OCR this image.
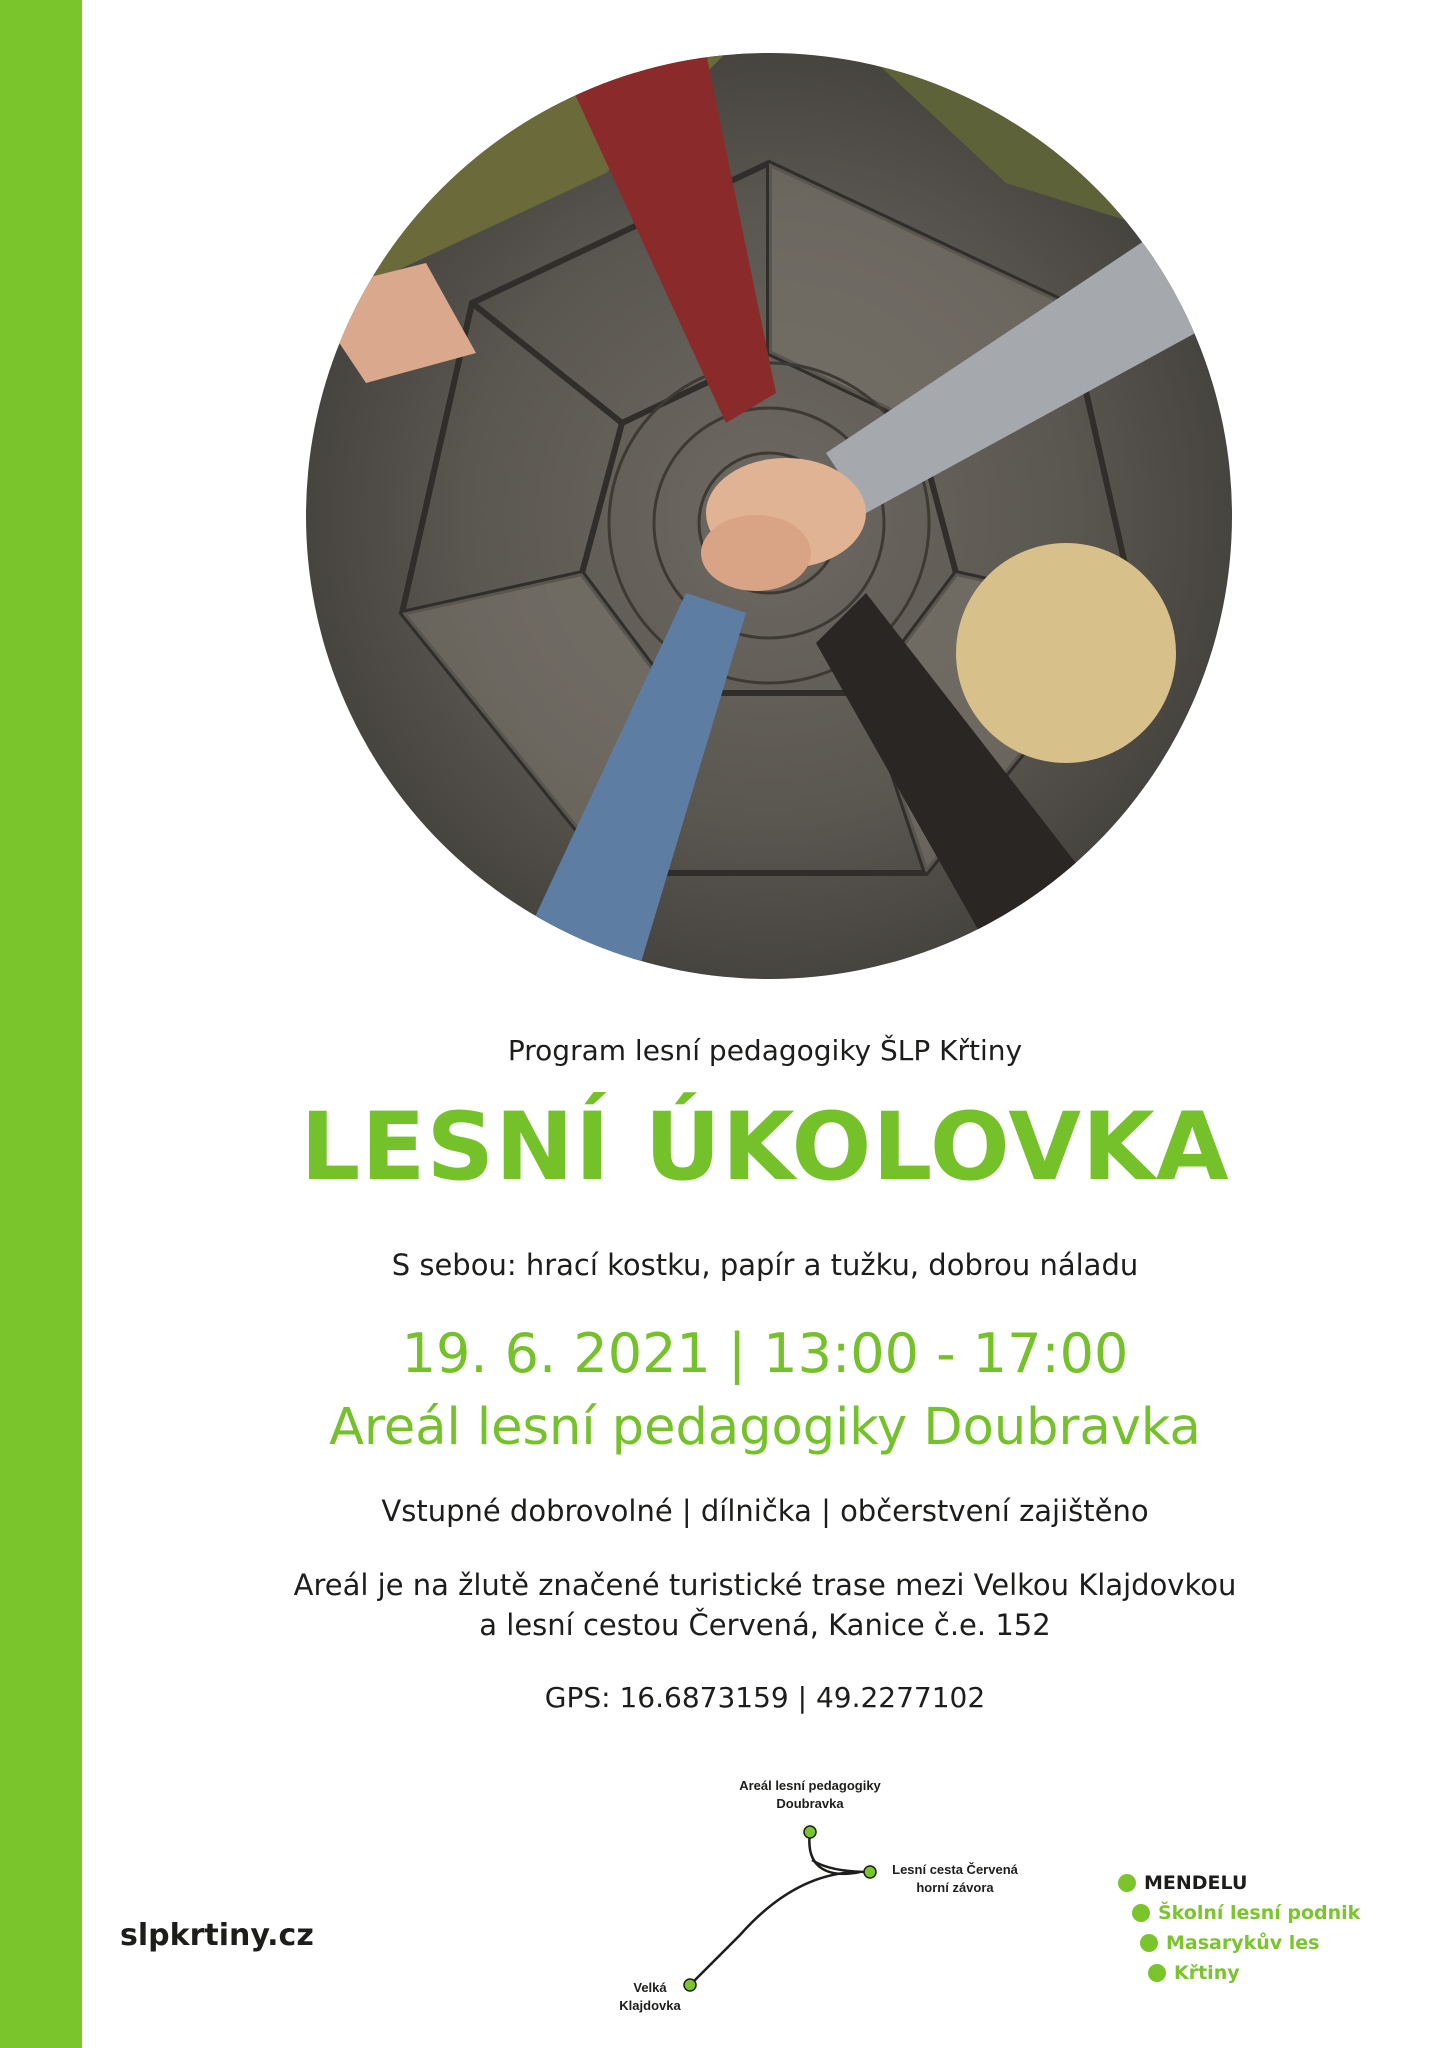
Program lesní pedagogiky ŠLP Křtiny
LESNÍ ÚKOLOVKA
S sebou: hrací kostku, papír a tužku, dobrou náladu
19. 6. 2021 | 13:00 - 17:00
Areál lesní pedagogiky Doubravka
Vstupné dobrovolné | dílnička | občerstvení zajištěno
Areál je na žlutě značené turistické trase mezi Velkou Klajdovkou
a lesní cestou Červená, Kanice č.e. 152
GPS: 16.6873159 | 49.2277102
slpkrtiny.cz
Areál lesní pedagogiky
Doubravka
Lesní cesta Červená
horní závora
Velká
Klajdovka
MENDELU
Školní lesní podnik
Masarykův les
Křtiny
